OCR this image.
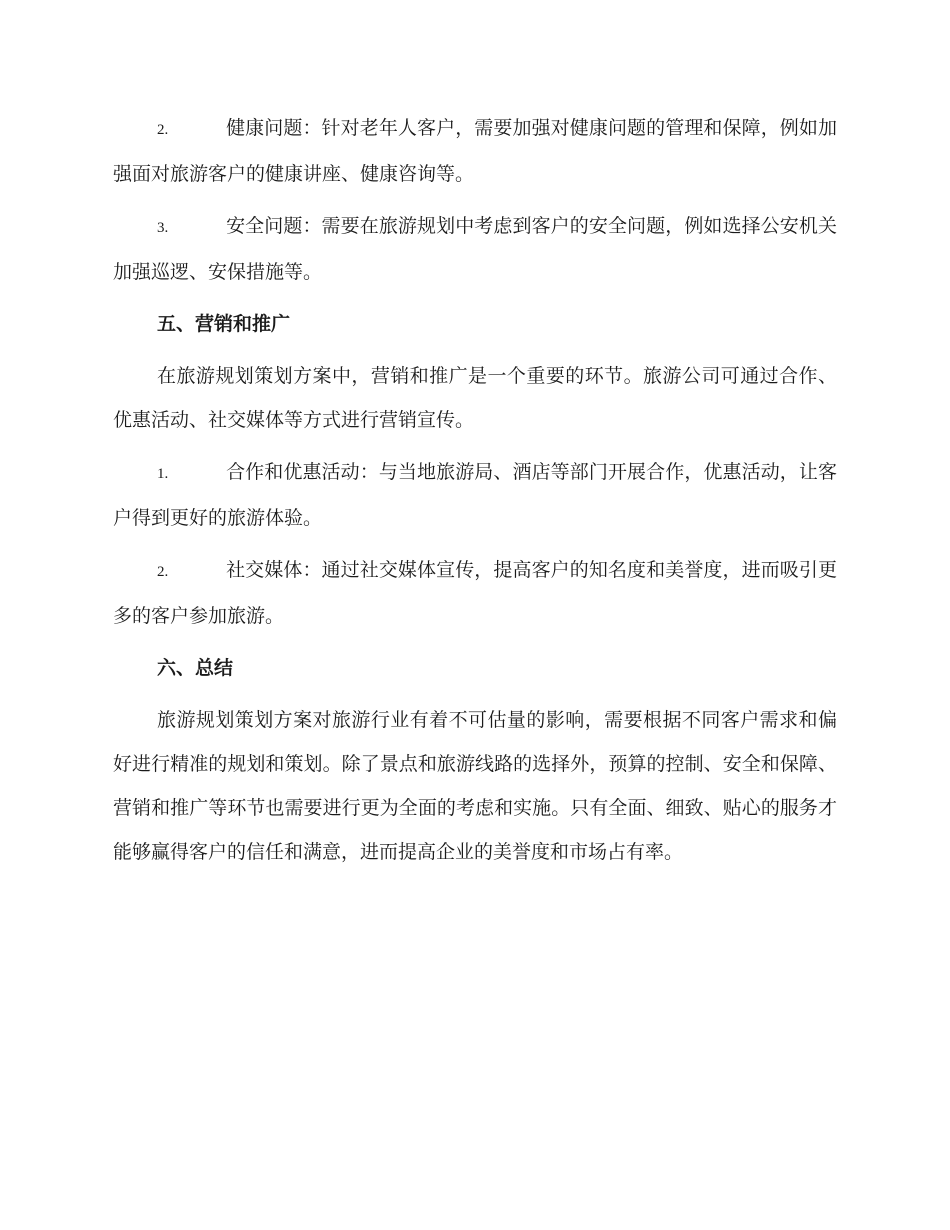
2.	健康问题：针对老年人客户，需要加强对健康问题的管理和保障，例如加强面对旅游客户的健康讲座、健康咨询等。

3.	安全问题：需要在旅游规划中考虑到客户的安全问题，例如选择公安机关加强巡逻、安保措施等。

五、营销和推广

在旅游规划策划方案中，营销和推广是一个重要的环节。旅游公司可通过合作、优惠活动、社交媒体等方式进行营销宣传。

1.	合作和优惠活动：与当地旅游局、酒店等部门开展合作，优惠活动，让客户得到更好的旅游体验。

2.	社交媒体：通过社交媒体宣传，提高客户的知名度和美誉度，进而吸引更多的客户参加旅游。

六、总结

旅游规划策划方案对旅游行业有着不可估量的影响，需要根据不同客户需求和偏好进行精准的规划和策划。除了景点和旅游线路的选择外，预算的控制、安全和保障、营销和推广等环节也需要进行更为全面的考虑和实施。只有全面、细致、贴心的服务才能够赢得客户的信任和满意，进而提高企业的美誉度和市场占有率。
